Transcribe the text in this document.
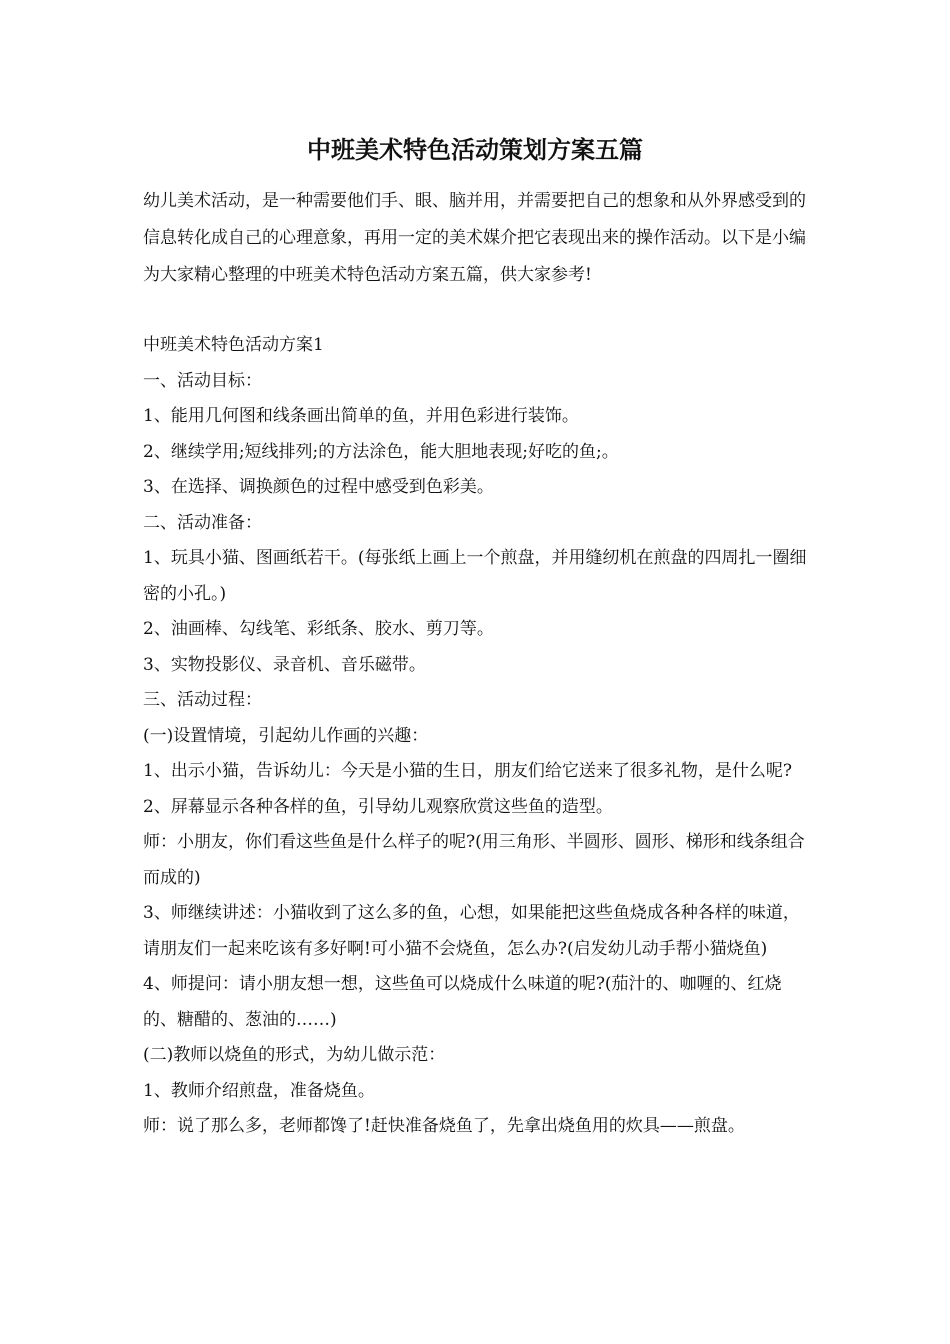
中班美术特色活动策划方案五篇

幼儿美术活动，是一种需要他们手、眼、脑并用，并需要把自己的想象和从外界感受到的信息转化成自己的心理意象，再用一定的美术媒介把它表现出来的操作活动。以下是小编为大家精心整理的中班美术特色活动方案五篇，供大家参考!

中班美术特色活动方案1

一、活动目标：

1、能用几何图和线条画出简单的鱼，并用色彩进行装饰。

2、继续学用;短线排列;的方法涂色，能大胆地表现;好吃的鱼;。

3、在选择、调换颜色的过程中感受到色彩美。

二、活动准备：

1、玩具小猫、图画纸若干。(每张纸上画上一个煎盘，并用缝纫机在煎盘的四周扎一圈细密的小孔。)

2、油画棒、勾线笔、彩纸条、胶水、剪刀等。

3、实物投影仪、录音机、音乐磁带。

三、活动过程：

(一)设置情境，引起幼儿作画的兴趣：

1、出示小猫，告诉幼儿：今天是小猫的生日，朋友们给它送来了很多礼物，是什么呢?

2、屏幕显示各种各样的鱼，引导幼儿观察欣赏这些鱼的造型。

师：小朋友，你们看这些鱼是什么样子的呢?(用三角形、半圆形、圆形、梯形和线条组合而成的)

3、师继续讲述：小猫收到了这么多的鱼，心想，如果能把这些鱼烧成各种各样的味道，请朋友们一起来吃该有多好啊!可小猫不会烧鱼，怎么办?(启发幼儿动手帮小猫烧鱼)

4、师提问：请小朋友想一想，这些鱼可以烧成什么味道的呢?(茄汁的、咖喱的、红烧的、糖醋的、葱油的……)

(二)教师以烧鱼的形式，为幼儿做示范：

1、教师介绍煎盘，准备烧鱼。

师：说了那么多，老师都馋了!赶快准备烧鱼了，先拿出烧鱼用的炊具——煎盘。
